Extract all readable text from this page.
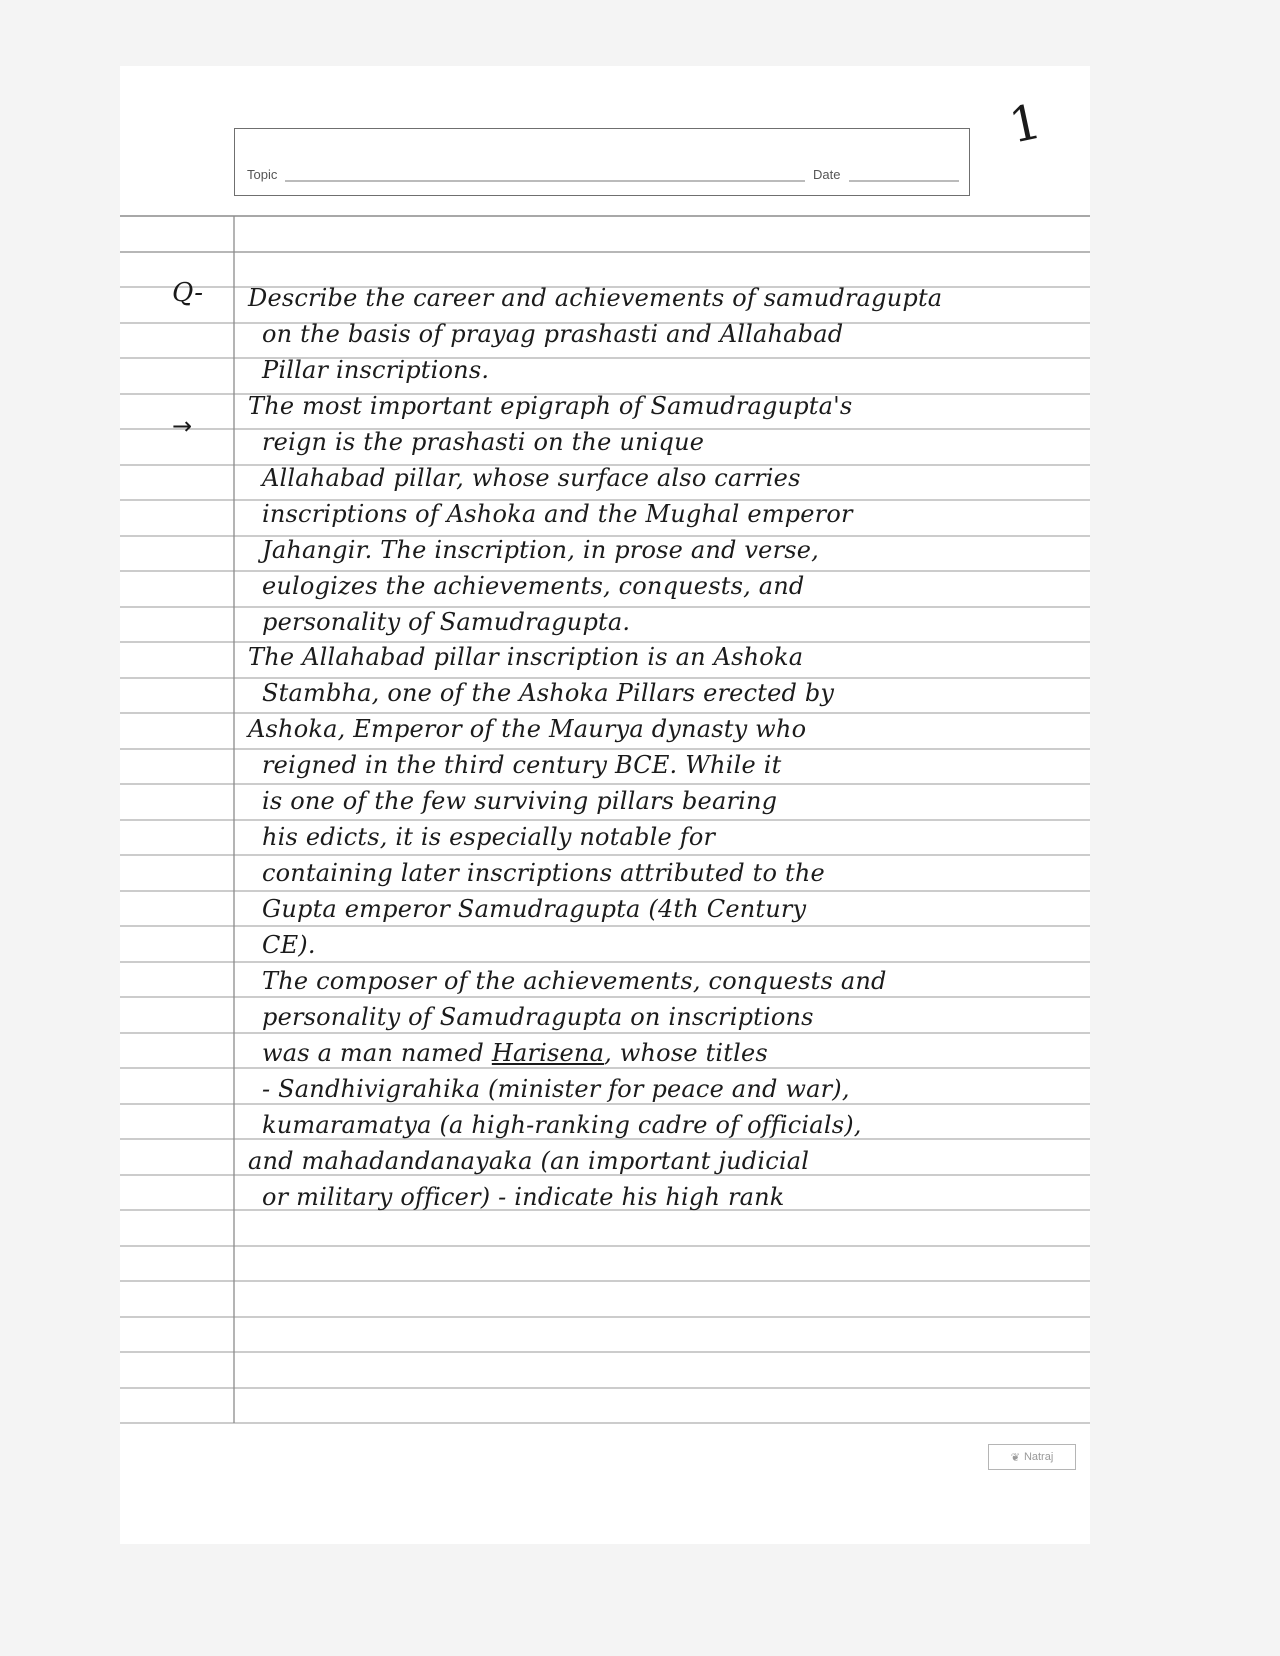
Topic	Date
1
Q-
→
Describe the career and achievements of samudragupta
on the basis of prayag prashasti and Allahabad
Pillar inscriptions.
The most important epigraph of Samudragupta's
reign is the prashasti on the unique
Allahabad pillar, whose surface also carries
inscriptions of Ashoka and the Mughal emperor
Jahangir. The inscription, in prose and verse,
eulogizes the achievements, conquests, and
personality of Samudragupta.
The Allahabad pillar inscription is an Ashoka
Stambha, one of the Ashoka Pillars erected by
Ashoka, Emperor of the Maurya dynasty who
reigned in the third century BCE. While it
is one of the few surviving pillars bearing
his edicts, it is especially notable for
containing later inscriptions attributed to the
Gupta emperor Samudragupta (4th Century
CE).
The composer of the achievements, conquests and
personality of Samudragupta on inscriptions
was a man named Harisena, whose titles
- Sandhivigrahika (minister for peace and war),
kumaramatya (a high-ranking cadre of officials),
and mahadandanayaka (an important judicial
or military officer) - indicate his high rank
❦ Natraj
